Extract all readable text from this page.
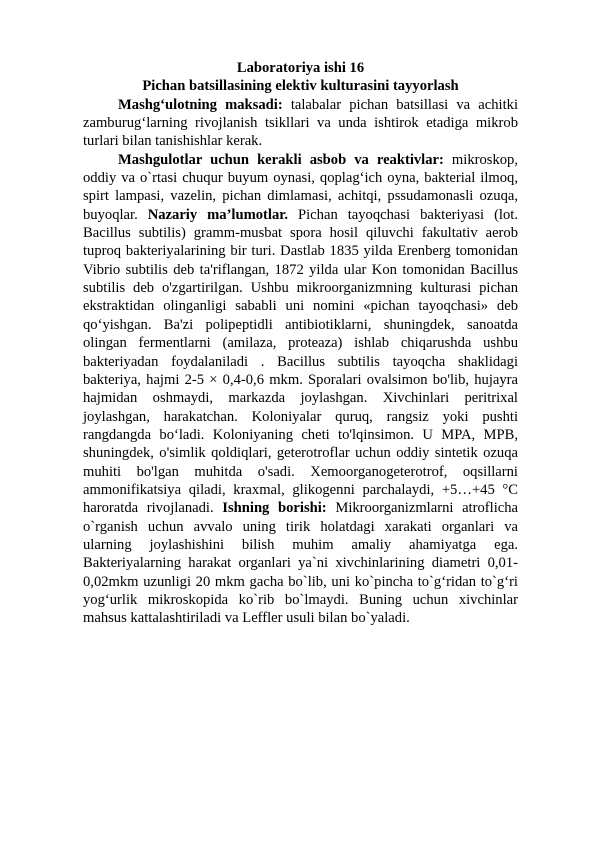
Laboratoriya ishi 16
Pichan batsillasining elektiv kulturasini tayyorlash

Mashg‘ulotning maksadi: talabalar pichan batsillasi va achitki zamburug‘larning rivojlanish tsikllari va unda ishtirok etadiga mikrob turlari bilan tanishishlar kerak.

Mashgulotlar uchun kerakli asbob va reaktivlar: mikroskop, oddiy va o`rtasi chuqur buyum oynasi, qoplag‘ich oyna, bakterial ilmoq, spirt lampasi, vazelin, pichan dimlamasi, achitqi, pssudamonasli ozuqa, buyoqlar. Nazariy ma’lumotlar. Pichan tayoqchasi bakteriyasi (lot. Bacillus subtilis) gramm-musbat spora hosil qiluvchi fakultativ aerob tuproq bakteriyalarining bir turi. Dastlab 1835 yilda Erenberg tomonidan Vibrio subtilis deb ta'riflangan, 1872 yilda ular Kon tomonidan Bacillus subtilis deb o'zgartirilgan. Ushbu mikroorganizmning kulturasi pichan ekstraktidan olinganligi sababli uni nomini «pichan tayoqchasi» deb qo‘yishgan. Ba'zi polipeptidli antibiotiklarni, shuningdek, sanoatda olingan fermentlarni (amilaza, proteaza) ishlab chiqarushda ushbu bakteriyadan foydalaniladi . Bacillus subtilis tayoqcha shaklidagi bakteriya, hajmi 2-5 × 0,4-0,6 mkm. Sporalari ovalsimon bo'lib, hujayra hajmidan oshmaydi, markazda joylashgan. Xivchinlari peritrixal joylashgan, harakatchan. Koloniyalar quruq, rangsiz yoki pushti rangdangda bo‘ladi. Koloniyaning cheti to'lqinsimon. U MPA, MPB, shuningdek, o'simlik qoldiqlari, geterotroflar uchun oddiy sintetik ozuqa muhiti bo'lgan muhitda o'sadi. Xemoorganogeterotrof, oqsillarni ammonifikatsiya qiladi, kraxmal, glikogenni parchalaydi, +5…+45 °C haroratda rivojlanadi. Ishning borishi: Mikroorganizmlarni atroflicha o`rganish uchun avvalo uning tirik holatdagi xarakati organlari va ularning joylashishini bilish muhim amaliy ahamiyatga ega. Bakteriyalarning harakat organlari ya`ni xivchinlarining diametri 0,01-0,02mkm uzunligi 20 mkm gacha bo`lib, uni ko`pincha to`g‘ridan to`g‘ri yog‘urlik mikroskopida ko`rib bo`lmaydi. Buning uchun xivchinlar mahsus kattalashtiriladi va Leffler usuli bilan bo`yaladi.
